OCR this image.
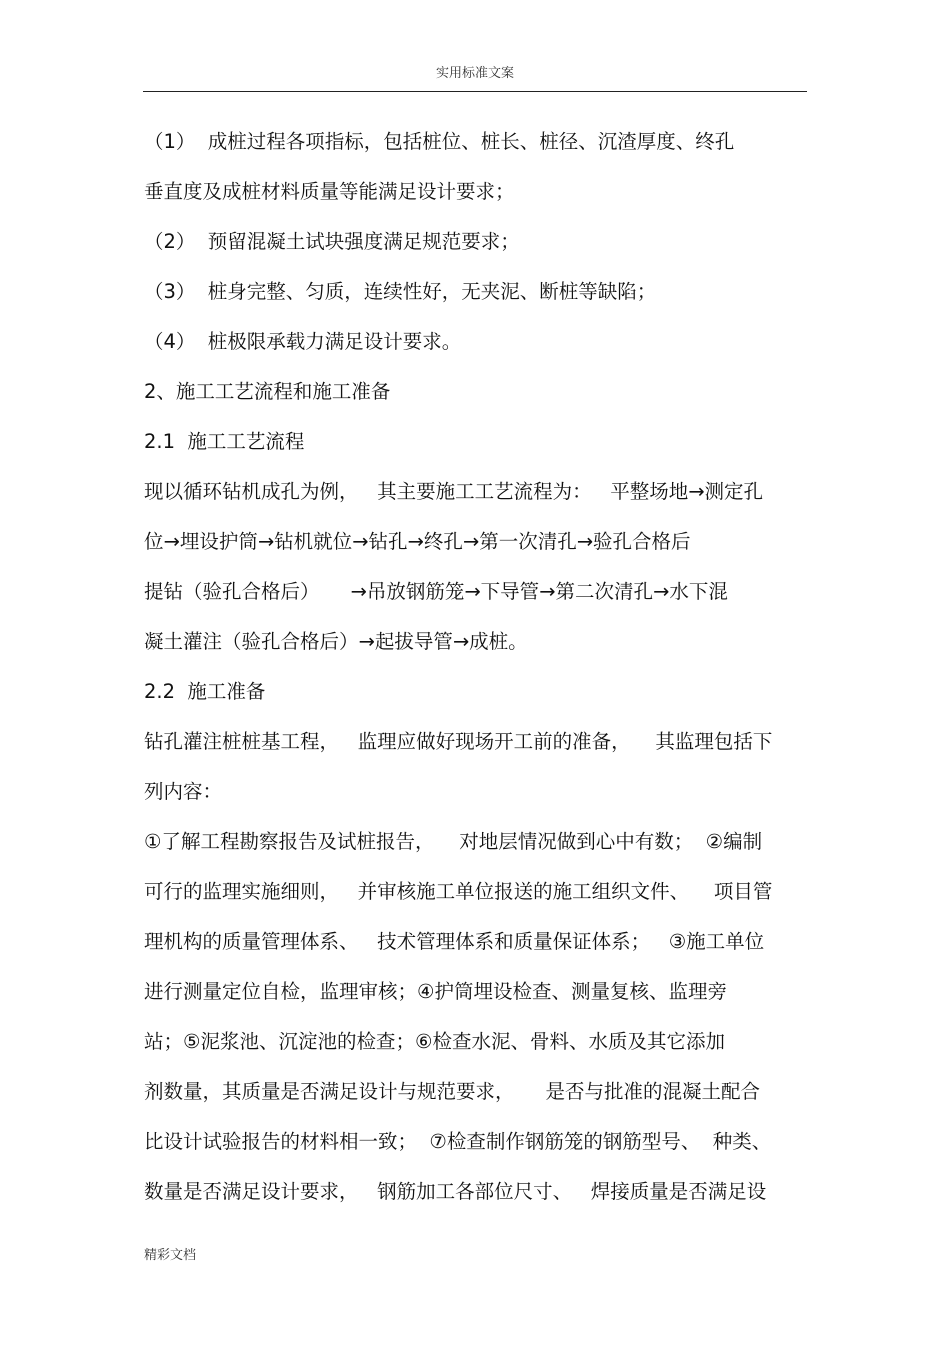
实用标准文案
（1）  成桩过程各项指标，包括桩位、桩长、桩径、沉渣厚度、终孔
垂直度及成桩材料质量等能满足设计要求；
（2）  预留混凝土试块强度满足规范要求；
（3）  桩身完整、匀质，连续性好，无夹泥、断桩等缺陷；
（4）  桩极限承载力满足设计要求。
2、施工工艺流程和施工准备
2.1  施工工艺流程
现以循环钻机成孔为例，   其主要施工工艺流程为：   平整场地→测定孔
位→埋设护筒→钻机就位→钻孔→终孔→第一次清孔→验孔合格后
提钻（验孔合格后）     →吊放钢筋笼→下导管→第二次清孔→水下混
凝土灌注（验孔合格后）→起拔导管→成桩。
2.2  施工准备
钻孔灌注桩桩基工程，   监理应做好现场开工前的准备，    其监理包括下
列内容：
①了解工程勘察报告及试桩报告，    对地层情况做到心中有数；  ②编制
可行的监理实施细则，   并审核施工单位报送的施工组织文件、    项目管
理机构的质量管理体系、   技术管理体系和质量保证体系；   ③施工单位
进行测量定位自检，监理审核；④护筒埋设检查、测量复核、监理旁
站；⑤泥浆池、沉淀池的检查；⑥检查水泥、骨料、水质及其它添加
剂数量，其质量是否满足设计与规范要求，     是否与批准的混凝土配合
比设计试验报告的材料相一致；  ⑦检查制作钢筋笼的钢筋型号、  种类、
数量是否满足设计要求，   钢筋加工各部位尺寸、   焊接质量是否满足设
精彩文档
